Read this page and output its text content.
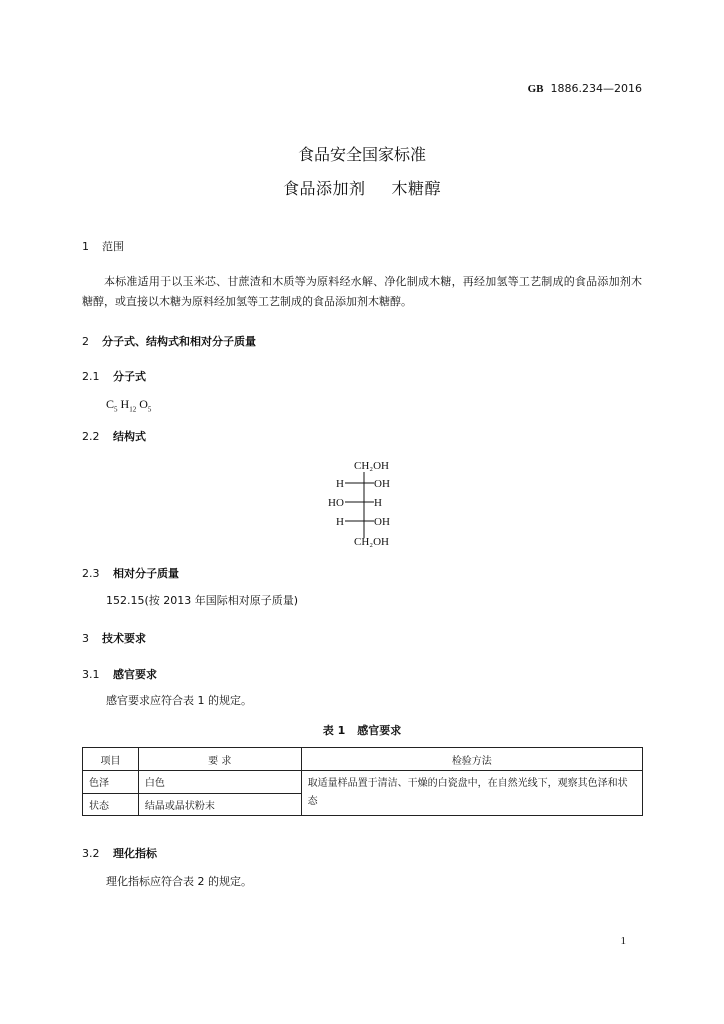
GB 1886.234—2016
食品安全国家标准
食品添加剂 木糖醇
1 范围
本标准适用于以玉米芯、甘蔗渣和木质等为原料经水解、净化制成木糖，再经加氢等工艺制成的食品添加剂木糖醇，或直接以木糖为原料经加氢等工艺制成的食品添加剂木糖醇。
2 分子式、结构式和相对分子质量
2.1 分子式
$C_5$ $H_{12}$ $O_5$
2.2 结构式
CH₂OH
H	OH
HO	H
H	OH
CH₂OH
2.3 相对分子质量
152.15(按 2013 年国际相对原子质量)
3 技术要求
3.1 感官要求
感官要求应符合表 1 的规定。
表 1 感官要求
项目	要 求	检验方法
色泽	白色	取适量样品置于清洁、干燥的白瓷盘中，在自然光线下，观察其色泽和状态
状态	结晶或晶状粉末	
3.2 理化指标
理化指标应符合表 2 的规定。
1
